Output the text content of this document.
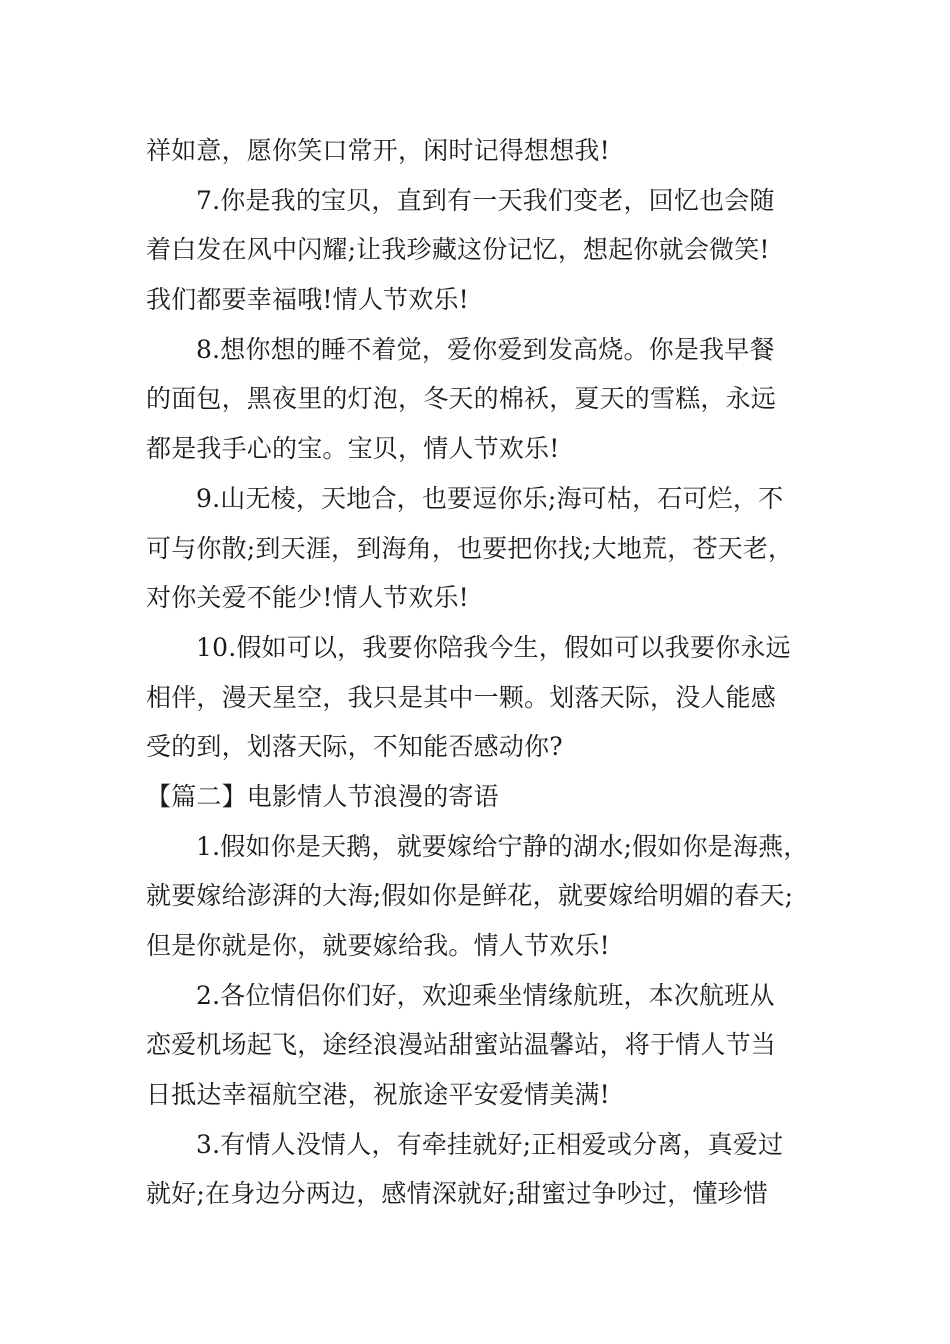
祥如意，愿你笑口常开，闲时记得想想我!
7.你是我的宝贝，直到有一天我们变老，回忆也会随
着白发在风中闪耀;让我珍藏这份记忆，想起你就会微笑!
我们都要幸福哦!情人节欢乐!
8.想你想的睡不着觉，爱你爱到发高烧。你是我早餐
的面包，黑夜里的灯泡，冬天的棉袄，夏天的雪糕，永远
都是我手心的宝。宝贝，情人节欢乐!
9.山无棱，天地合，也要逗你乐;海可枯，石可烂，不
可与你散;到天涯，到海角，也要把你找;大地荒，苍天老，
对你关爱不能少!情人节欢乐!
10.假如可以，我要你陪我今生，假如可以我要你永远
相伴，漫天星空，我只是其中一颗。划落天际，没人能感
受的到，划落天际，不知能否感动你?
【篇二】电影情人节浪漫的寄语
1.假如你是天鹅，就要嫁给宁静的湖水;假如你是海燕，
就要嫁给澎湃的大海;假如你是鲜花，就要嫁给明媚的春天;
但是你就是你，就要嫁给我。情人节欢乐!
2.各位情侣你们好，欢迎乘坐情缘航班，本次航班从
恋爱机场起飞，途经浪漫站甜蜜站温馨站，将于情人节当
日抵达幸福航空港，祝旅途平安爱情美满!
3.有情人没情人，有牵挂就好;正相爱或分离，真爱过
就好;在身边分两边，感情深就好;甜蜜过争吵过，懂珍惜
